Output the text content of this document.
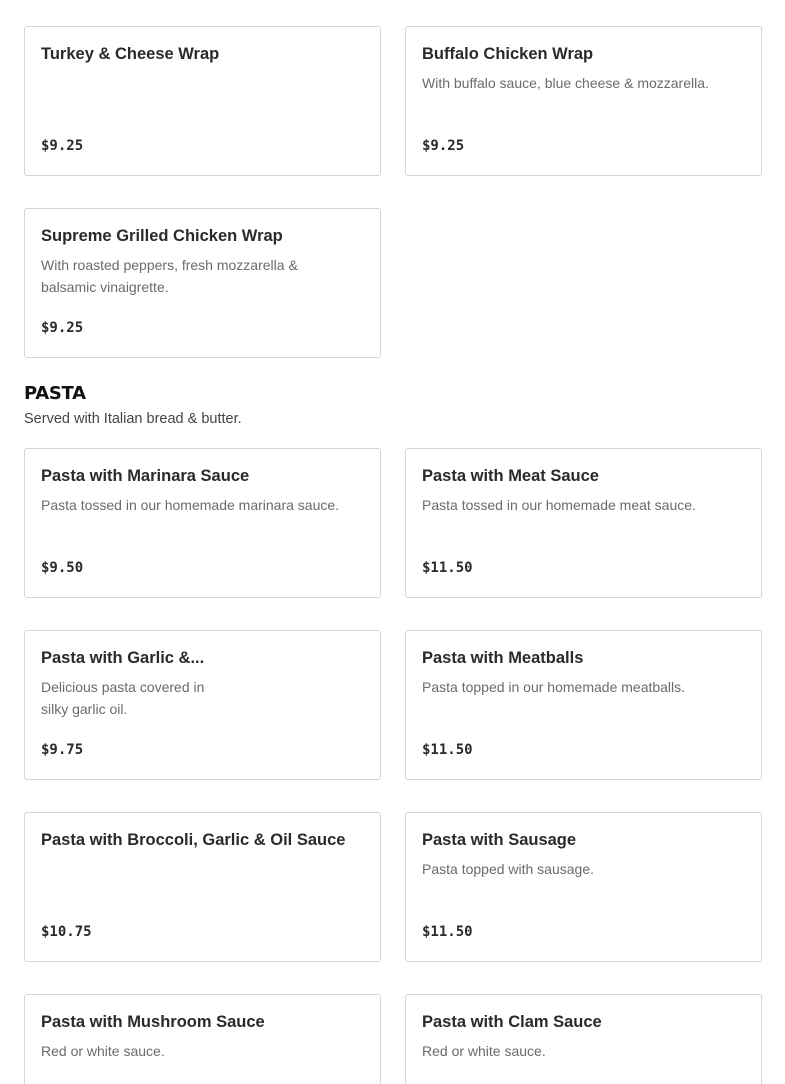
Turkey & Cheese Wrap
$9.25
Buffalo Chicken Wrap
With buffalo sauce, blue cheese & mozzarella.
$9.25
Supreme Grilled Chicken Wrap
With roasted peppers, fresh mozzarella & balsamic vinaigrette.
$9.25
PASTA
Served with Italian bread & butter.
Pasta with Marinara Sauce
Pasta tossed in our homemade marinara sauce.
$9.50
Pasta with Meat Sauce
Pasta tossed in our homemade meat sauce.
$11.50
Pasta with Garlic &...
Delicious pasta covered in silky garlic oil.
$9.75
Pasta with Meatballs
Pasta topped in our homemade meatballs.
$11.50
Pasta with Broccoli, Garlic & Oil Sauce
$10.75
Pasta with Sausage
Pasta topped with sausage.
$11.50
Pasta with Mushroom Sauce
Red or white sauce.
Pasta with Clam Sauce
Red or white sauce.
